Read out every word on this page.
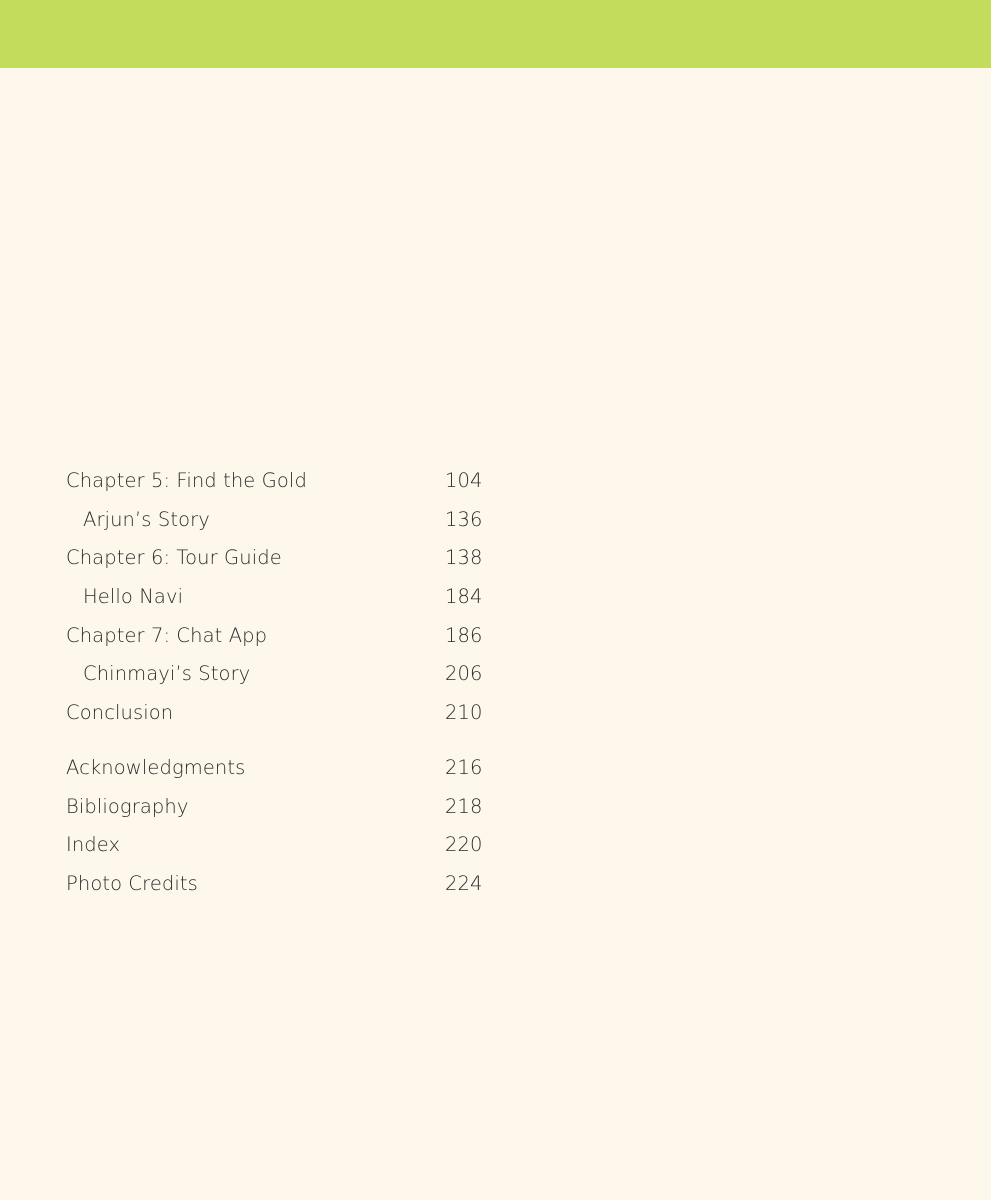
Chapter 5: Find the Gold	104
Arjun’s Story	136
Chapter 6: Tour Guide	138
Hello Navi	184
Chapter 7: Chat App	186
Chinmayi’s Story	206
Conclusion	210
Acknowledgments	216
Bibliography	218
Index	220
Photo Credits	224
